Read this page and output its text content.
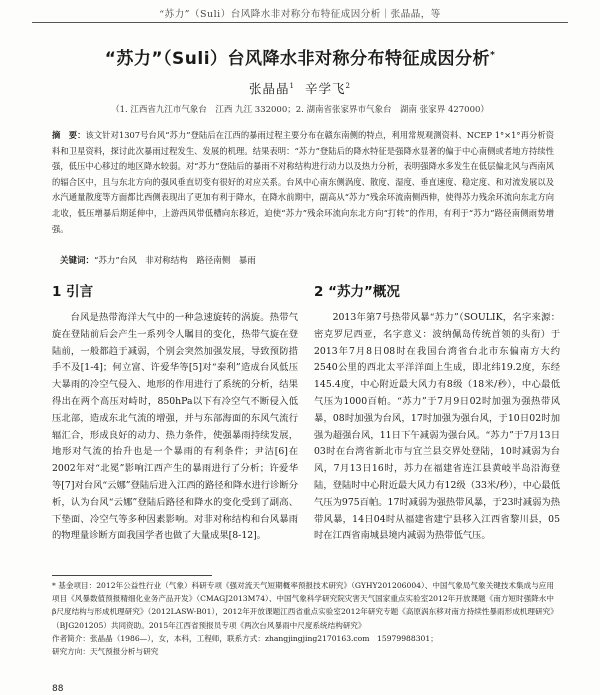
“苏力”（Suli）台风降水非对称分布特征成因分析｜张晶晶，等
“苏力”（Suli）台风降水非对称分布特征成因分析*
张晶晶$^1$ 辛学飞$^2$
（1. 江西省九江市气象台　江西 九江 332000；2. 湖南省张家界市气象台　湖南 张家界 427000）
摘　要：该文针对1307号台风“苏力”登陆后在江西的暴雨过程主要分布在赣东南侧的特点，利用常规观测资料、NCEP 1°×1°再分析资料和卫星资料，探讨此次暴雨过程发生、发展的机理。结果表明：“苏力”登陆后的降水特征是强降水显著的偏于中心南侧或者地方持续性强，低压中心移过的地区降水较弱。对“苏力”登陆后的暴雨不对称结构进行动力以及热力分析，表明强降水多发生在低层偏北风与西南风的辐合区中，且与东北方向的强风垂直切变有很好的对应关系。台风中心南东侧涡度、散度、湿度、垂直速度、稳定度、和对流发展以及水汽通量散度等方面都比西侧表现出了更加有利于降水，在降水前期中，副高从“苏力”残余环流南侧西伸，使得苏力残余环流向东北方向北收，低压增暴后期延伸中，上游西风带低槽向东移近，迫使“苏力”残余环流向东北方向“打转”的作用，有利于“苏力”路径南侧雨势增强。
关键词：“苏力”台风　非对称结构　路径南侧　暴雨
1 引言

台风是热带海洋大气中的一种急速旋转的涡旋。热带气旋在登陆前后会产生一系列令人瞩目的变化，热带气旋在登陆前，一般都趋于减弱，个别会突然加强发展，导致预防措手不及[1-4]；何立富、许爱华等[5]对“泰利”造成台风低压大暴雨的冷空气侵入、地形的作用进行了系统的分析，结果得出在两个高压对峙时，850hPa以下有冷空气不断侵入低压北部，造成东北气流的增强，并与东部海面的东风气流行辐汇合，形成良好的动力、热力条件，使强暴雨持续发展，地形对气流的抬升也是一个暴雨的有利条件；尹洁[6]在2002年对“北冕”影响江西产生的暴雨进行了分析；许爱华等[7]对台风“云娜”登陆后进入江西的路径和降水进行诊断分析，认为台风“云娜”登陆后路径和降水的变化受到了副高、下垫面、冷空气等多种因素影响。对非对称结构和台风暴雨的物理量诊断方面我国学者也做了大量成果[8-12]。

2 “苏力”概况

2013年第7号热带风暴“苏力”（SOULIK，名字来源：密克罗尼西亚，名字意义：波纳佩岛传统首领的头衔）于2013年7月8日08时在我国台湾省台北市东偏南方大约2540公里的西北太平洋洋面上生成，即北纬19.2度，东经145.4度，中心附近最大风力有8级（18米/秒），中心最低气压为1000百帕。“苏力”于7月9日02时加强为强热带风暴，08时加强为台风，17时加强为强台风，于10日02时加强为超强台风，11日下午减弱为强台风。“苏力”于7月13日03时在台湾省新北市与宜兰县交界处登陆，10时减弱为台风，7月13日16时，苏力在福建省连江县黄岐半岛沿海登陆，登陆时中心附近最大风力有12级（33米/秒），中心最低气压为975百帕。17时减弱为强热带风暴，于23时减弱为热带风暴，14日04时从福建省建宁县移入江西省黎川县，05时在江西省南城县境内减弱为热带低气压。

* 基金项目：2012年公益性行业（气象）科研专项《强对流天气短期概率预报技术研究》（GYHY201206004）、中国气象局气象关键技术集成与应用项目《风暴数值预报精细化业务产品开发》（CMAGJ2013M74）、中国气象科学研究院灾害天气国家重点实验室2012年开放课题《南方短时强降水中β尺度结构与形成机理研究》（2012LASW-B01），2012年开放课题江西省重点实验室2012年研究专题《高原涡东移对南方持续性暴雨形成机理研究》（BJG201205）共同资助。2015年江西省预报员专项《两次台风暴雨中尺度系统结构研究》

作者简介：张晶晶（1986—），女，本科，工程师，联系方式：zhangjingjing2170163.com　15979988301；

研究方向：天气预报分析与研究

88
